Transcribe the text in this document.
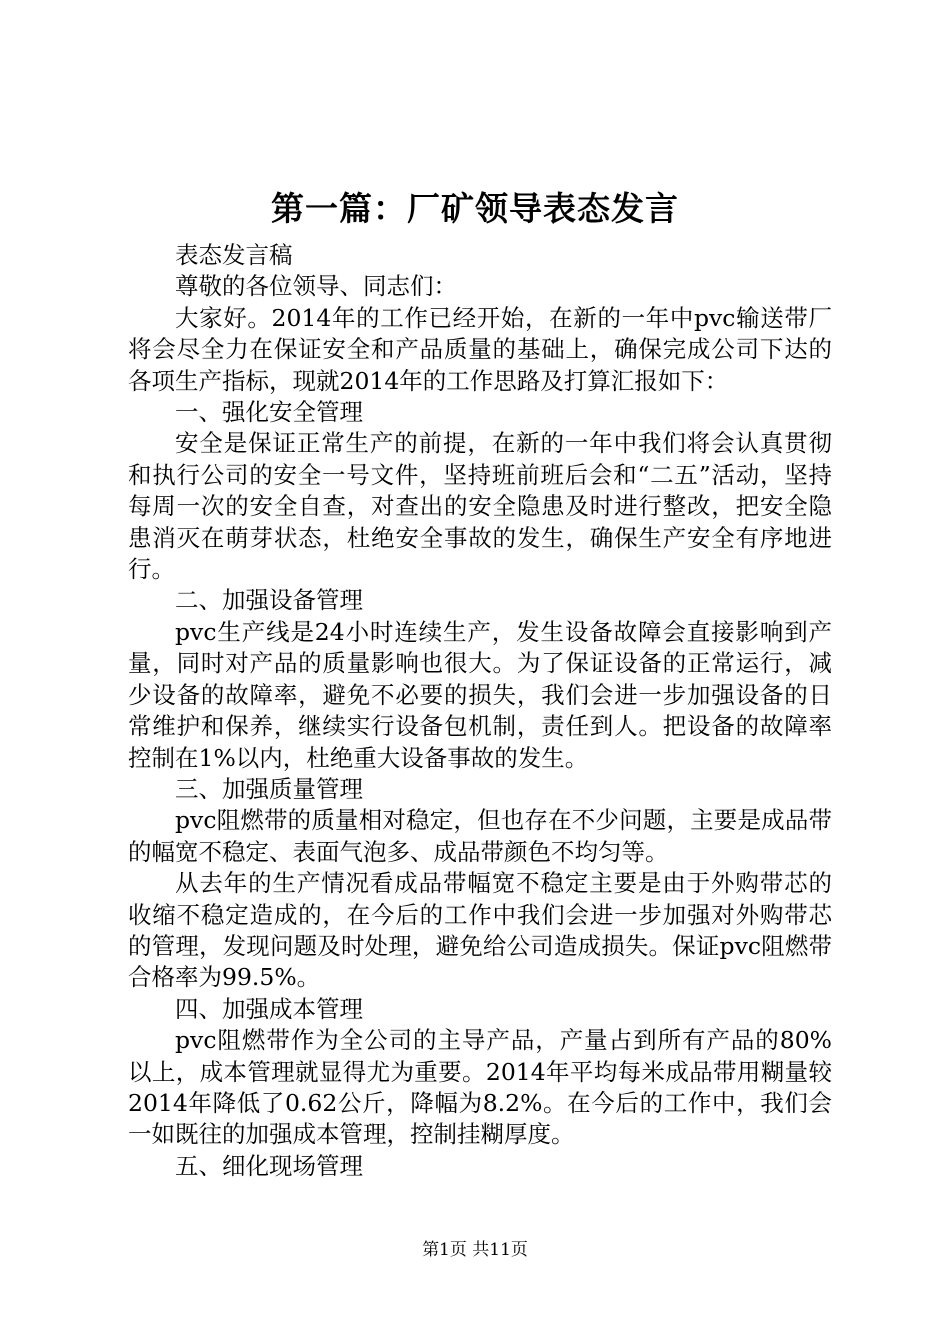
第一篇：厂矿领导表态发言

表态发言稿

尊敬的各位领导、同志们：

大家好。2014年的工作已经开始，在新的一年中pvc输送带厂将会尽全力在保证安全和产品质量的基础上，确保完成公司下达的各项生产指标，现就2014年的工作思路及打算汇报如下：

一、强化安全管理

安全是保证正常生产的前提，在新的一年中我们将会认真贯彻和执行公司的安全一号文件，坚持班前班后会和“二五”活动，坚持每周一次的安全自查，对查出的安全隐患及时进行整改，把安全隐患消灭在萌芽状态，杜绝安全事故的发生，确保生产安全有序地进行。

二、加强设备管理

pvc生产线是24小时连续生产，发生设备故障会直接影响到产量，同时对产品的质量影响也很大。为了保证设备的正常运行，减少设备的故障率，避免不必要的损失，我们会进一步加强设备的日常维护和保养，继续实行设备包机制，责任到人。把设备的故障率控制在1%以内，杜绝重大设备事故的发生。

三、加强质量管理

pvc阻燃带的质量相对稳定，但也存在不少问题，主要是成品带的幅宽不稳定、表面气泡多、成品带颜色不均匀等。

从去年的生产情况看成品带幅宽不稳定主要是由于外购带芯的收缩不稳定造成的，在今后的工作中我们会进一步加强对外购带芯的管理，发现问题及时处理，避免给公司造成损失。保证pvc阻燃带合格率为99.5%。

四、加强成本管理

pvc阻燃带作为全公司的主导产品，产量占到所有产品的80%以上，成本管理就显得尤为重要。2014年平均每米成品带用糊量较2014年降低了0.62公斤，降幅为8.2%。在今后的工作中，我们会一如既往的加强成本管理，控制挂糊厚度。

五、细化现场管理

第1页 共11页
